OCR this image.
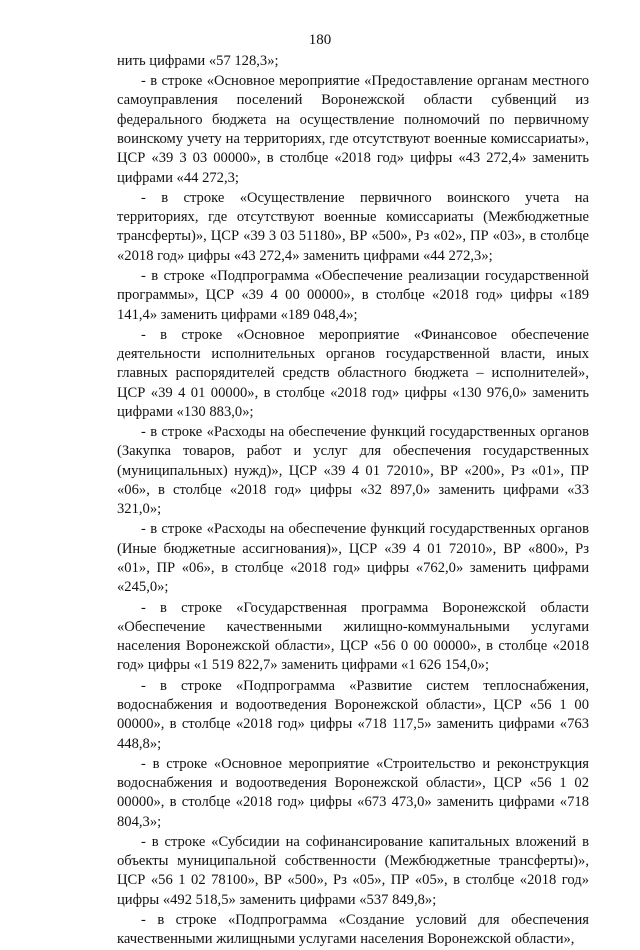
180

нить цифрами «57 128,3»;

- в строке «Основное мероприятие «Предоставление органам местного самоуправления поселений Воронежской области субвенций из федерального бюджета на осуществление полномочий по первичному воинскому учету на территориях, где отсутствуют военные комиссариаты», ЦСР «39 3 03 00000», в столбце «2018 год» цифры «43 272,4» заменить цифрами «44 272,3;

- в строке «Осуществление первичного воинского учета на территориях, где отсутствуют военные комиссариаты (Межбюджетные трансферты)», ЦСР «39 3 03 51180», ВР «500», Рз «02», ПР «03», в столбце «2018 год» цифры «43 272,4» заменить цифрами «44 272,3»;

- в строке «Подпрограмма «Обеспечение реализации государственной программы», ЦСР «39 4 00 00000», в столбце «2018 год» цифры «189 141,4» заменить цифрами «189 048,4»;

- в строке «Основное мероприятие «Финансовое обеспечение деятельности исполнительных органов государственной власти, иных главных распорядителей средств областного бюджета – исполнителей», ЦСР «39 4 01 00000», в столбце «2018 год» цифры «130 976,0» заменить цифрами «130 883,0»;

- в строке «Расходы на обеспечение функций государственных органов (Закупка товаров, работ и услуг для обеспечения государственных (муниципальных) нужд)», ЦСР «39 4 01 72010», ВР «200», Рз «01», ПР «06», в столбце «2018 год» цифры «32 897,0» заменить цифрами «33 321,0»;

- в строке «Расходы на обеспечение функций государственных органов (Иные бюджетные ассигнования)», ЦСР «39 4 01 72010», ВР «800», Рз «01», ПР «06», в столбце «2018 год» цифры «762,0» заменить цифрами «245,0»;

- в строке «Государственная программа Воронежской области «Обеспечение качественными жилищно-коммунальными услугами населения Воронежской области», ЦСР «56 0 00 00000», в столбце «2018 год» цифры «1 519 822,7» заменить цифрами «1 626 154,0»;

- в строке «Подпрограмма «Развитие систем теплоснабжения, водоснабжения и водоотведения Воронежской области», ЦСР «56 1 00 00000», в столбце «2018 год» цифры «718 117,5» заменить цифрами «763 448,8»;

- в строке «Основное мероприятие «Строительство и реконструкция водоснабжения и водоотведения Воронежской области», ЦСР «56 1 02 00000», в столбце «2018 год» цифры «673 473,0» заменить цифрами «718 804,3»;

- в строке «Субсидии на софинансирование капитальных вложений в объекты муниципальной собственности (Межбюджетные трансферты)», ЦСР «56 1 02 78100», ВР «500», Рз «05», ПР «05», в столбце «2018 год» цифры «492 518,5» заменить цифрами «537 849,8»;

- в строке «Подпрограмма «Создание условий для обеспечения качественными жилищными услугами населения Воронежской области»,
